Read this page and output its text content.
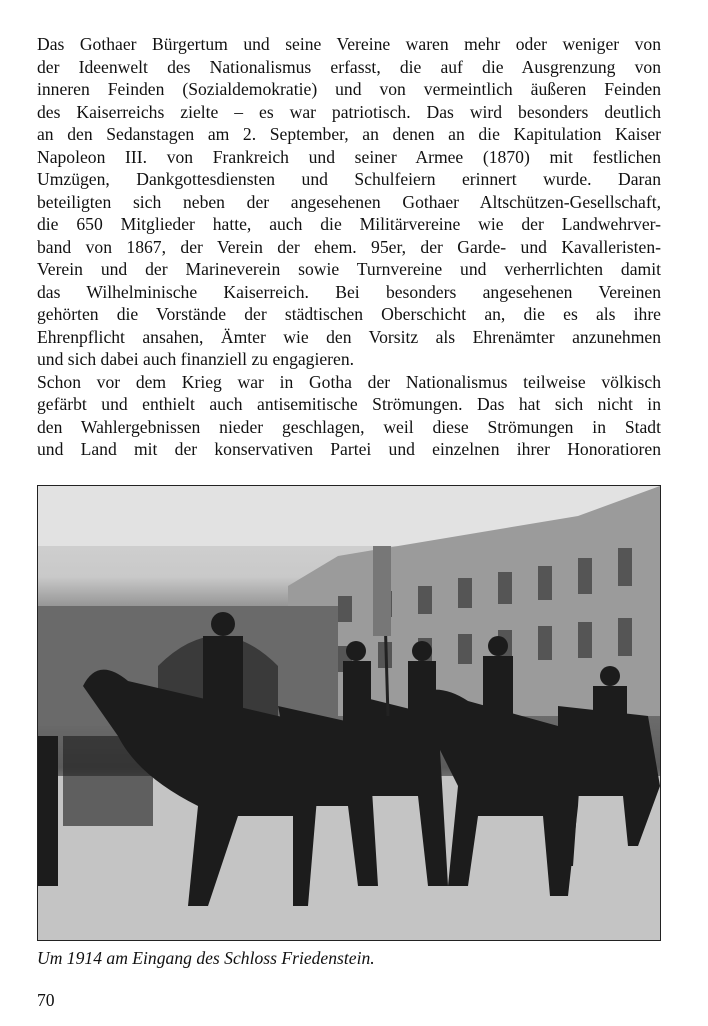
Das Gothaer Bürgertum und seine Vereine waren mehr oder weniger von
der Ideenwelt des Nationalismus erfasst, die auf die Ausgrenzung von
inneren Feinden (Sozialdemokratie) und von vermeintlich äußeren Feinden
des Kaiserreichs zielte – es war patriotisch. Das wird besonders deutlich
an den Sedanstagen am 2. September, an denen an die Kapitulation Kaiser
Napoleon III. von Frankreich und seiner Armee (1870) mit festlichen
Umzügen, Dankgottesdiensten und Schulfeiern erinnert wurde. Daran
beteiligten sich neben der angesehenen Gothaer Altschützen-Gesellschaft,
die 650 Mitglieder hatte, auch die Militärvereine wie der Landwehrver-
band von 1867, der Verein der ehem. 95er, der Garde- und Kavalleristen-
Verein und der Marineverein sowie Turnvereine und verherrlichten damit
das Wilhelminische Kaiserreich. Bei besonders angesehenen Vereinen
gehörten die Vorstände der städtischen Oberschicht an, die es als ihre
Ehrenpflicht ansahen, Ämter wie den Vorsitz als Ehrenämter anzunehmen
und sich dabei auch finanziell zu engagieren.
Schon vor dem Krieg war in Gotha der Nationalismus teilweise völkisch
gefärbt und enthielt auch antisemitische Strömungen. Das hat sich nicht in
den Wahlergebnissen nieder geschlagen, weil diese Strömungen in Stadt
und Land mit der konservativen Partei und einzelnen ihrer Honoratioren
Um 1914 am Eingang des Schloss Friedenstein.
70
